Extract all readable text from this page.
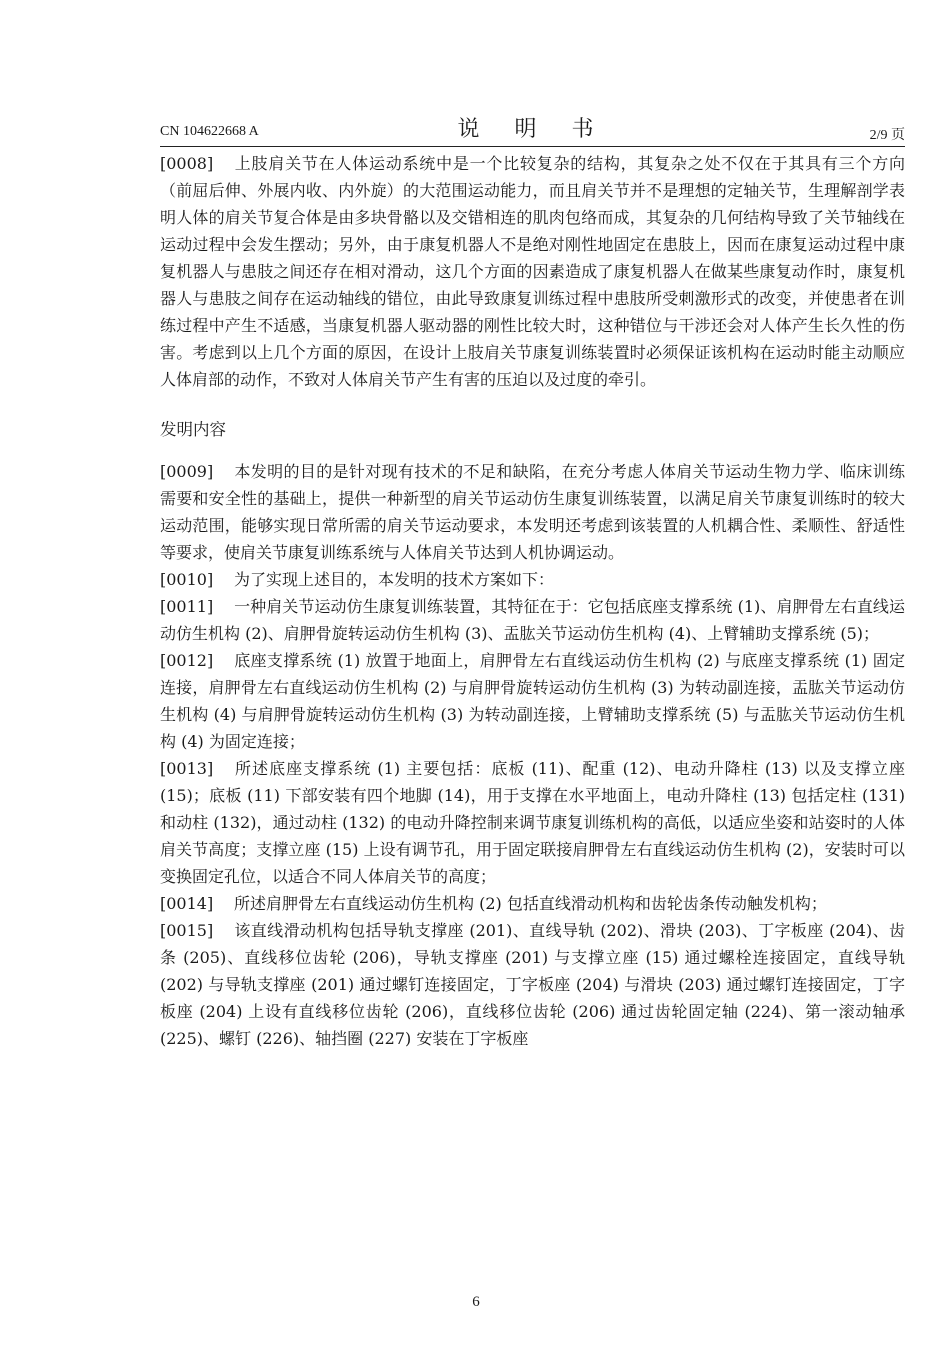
CN 104622668 A	说 明 书	2/9 页

[0008] 上肢肩关节在人体运动系统中是一个比较复杂的结构，其复杂之处不仅在于其具有三个方向（前屈后伸、外展内收、内外旋）的大范围运动能力，而且肩关节并不是理想的定轴关节，生理解剖学表明人体的肩关节复合体是由多块骨骼以及交错相连的肌肉包络而成，其复杂的几何结构导致了关节轴线在运动过程中会发生摆动；另外，由于康复机器人不是绝对刚性地固定在患肢上，因而在康复运动过程中康复机器人与患肢之间还存在相对滑动，这几个方面的因素造成了康复机器人在做某些康复动作时，康复机器人与患肢之间存在运动轴线的错位，由此导致康复训练过程中患肢所受刺激形式的改变，并使患者在训练过程中产生不适感，当康复机器人驱动器的刚性比较大时，这种错位与干涉还会对人体产生长久性的伤害。考虑到以上几个方面的原因，在设计上肢肩关节康复训练装置时必须保证该机构在运动时能主动顺应人体肩部的动作，不致对人体肩关节产生有害的压迫以及过度的牵引。

发明内容

[0009] 本发明的目的是针对现有技术的不足和缺陷，在充分考虑人体肩关节运动生物力学、临床训练需要和安全性的基础上，提供一种新型的肩关节运动仿生康复训练装置，以满足肩关节康复训练时的较大运动范围，能够实现日常所需的肩关节运动要求，本发明还考虑到该装置的人机耦合性、柔顺性、舒适性等要求，使肩关节康复训练系统与人体肩关节达到人机协调运动。

[0010] 为了实现上述目的，本发明的技术方案如下：

[0011] 一种肩关节运动仿生康复训练装置，其特征在于：它包括底座支撑系统 (1)、肩胛骨左右直线运动仿生机构 (2)、肩胛骨旋转运动仿生机构 (3)、盂肱关节运动仿生机构 (4)、上臂辅助支撑系统 (5)；

[0012] 底座支撑系统 (1) 放置于地面上，肩胛骨左右直线运动仿生机构 (2) 与底座支撑系统 (1) 固定连接，肩胛骨左右直线运动仿生机构 (2) 与肩胛骨旋转运动仿生机构 (3) 为转动副连接，盂肱关节运动仿生机构 (4) 与肩胛骨旋转运动仿生机构 (3) 为转动副连接，上臂辅助支撑系统 (5) 与盂肱关节运动仿生机构 (4) 为固定连接；

[0013] 所述底座支撑系统 (1) 主要包括：底板 (11)、配重 (12)、电动升降柱 (13) 以及支撑立座 (15)；底板 (11) 下部安装有四个地脚 (14)，用于支撑在水平地面上，电动升降柱 (13) 包括定柱 (131) 和动柱 (132)，通过动柱 (132) 的电动升降控制来调节康复训练机构的高低，以适应坐姿和站姿时的人体肩关节高度；支撑立座 (15) 上设有调节孔，用于固定联接肩胛骨左右直线运动仿生机构 (2)，安装时可以变换固定孔位，以适合不同人体肩关节的高度；

[0014] 所述肩胛骨左右直线运动仿生机构 (2) 包括直线滑动机构和齿轮齿条传动触发机构；

[0015] 该直线滑动机构包括导轨支撑座 (201)、直线导轨 (202)、滑块 (203)、丁字板座 (204)、齿条 (205)、直线移位齿轮 (206)，导轨支撑座 (201) 与支撑立座 (15) 通过螺栓连接固定，直线导轨 (202) 与导轨支撑座 (201) 通过螺钉连接固定，丁字板座 (204) 与滑块 (203) 通过螺钉连接固定，丁字板座 (204) 上设有直线移位齿轮 (206)，直线移位齿轮 (206) 通过齿轮固定轴 (224)、第一滚动轴承 (225)、螺钉 (226)、轴挡圈 (227) 安装在丁字板座

6
